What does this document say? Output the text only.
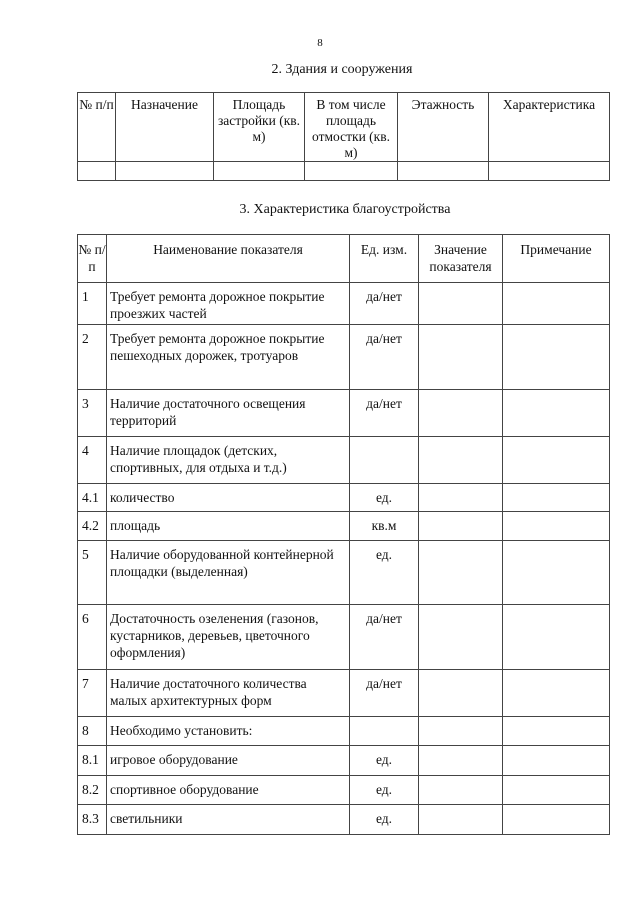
8
2. Здания и сооружения
№ п/п	Назначение	Площадь застройки (кв. м)	В том числе площадь отмостки (кв. м)	Этажность	Характеристика

3. Характеристика благоустройства
№ п/п	Наименование показателя	Ед. изм.	Значение показателя	Примечание
1	Требует ремонта дорожное покрытие проезжих частей	да/нет		
2	Требует ремонта дорожное покрытие пешеходных дорожек, тротуаров	да/нет		
3	Наличие достаточного освещения территорий	да/нет		
4	Наличие площадок (детских, спортивных, для отдыха и т.д.)			
4.1	количество	ед.		
4.2	площадь	кв.м		
5	Наличие оборудованной контейнерной площадки (выделенная)	ед.		
6	Достаточность озеленения (газонов, кустарников, деревьев, цветочного оформления)	да/нет		
7	Наличие достаточного количества малых архитектурных форм	да/нет		
8	Необходимо установить:			
8.1	игровое оборудование	ед.		
8.2	спортивное оборудование	ед.		
8.3	светильники	ед.		
